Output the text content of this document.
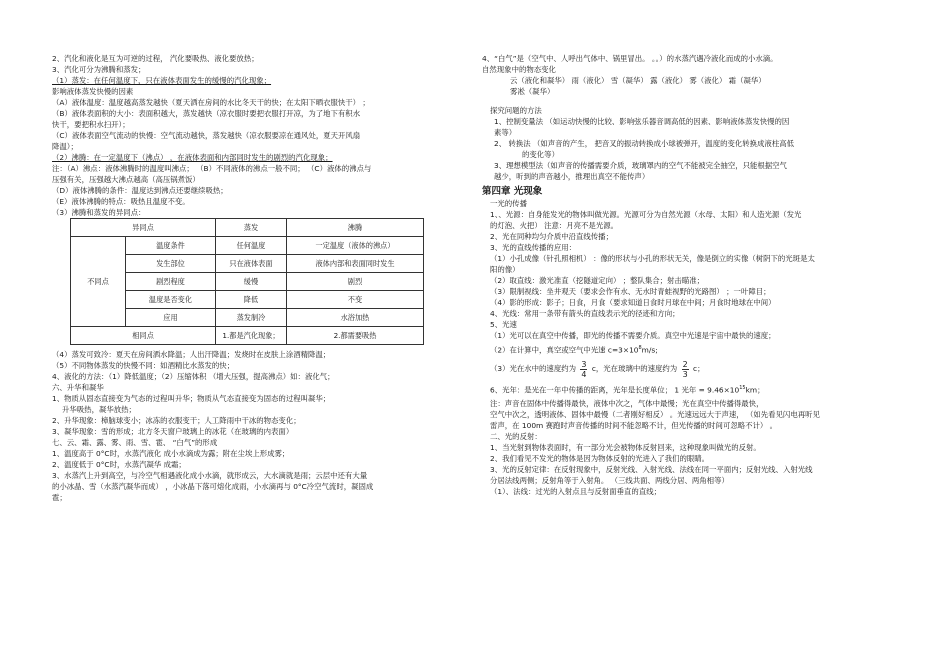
2、汽化和液化是互为可逆的过程， 汽化要吸热、液化要放热；

3、汽化可分为沸腾和蒸发；

（1）蒸发：在任何温度下，只在液体表面发生的缓慢的汽化现象；

影响液体蒸发快慢的因素

（A）液体温度：温度越高蒸发越快（夏天洒在房间的水比冬天干的快；在太阳下晒衣服快干） ；

（B）液体表面积的大小：表面积越大，蒸发越快（凉衣服时要把衣服打开凉，为了地下有积水

快干，要把积水扫开）；

（C）液体表面空气流动的快慢：空气流动越快，蒸发越快（凉衣服要凉在通风处，夏天开风扇

降温）；

（2）沸腾：在一定温度下（沸点） ，在液体表面和内部同时发生的剧烈的汽化现象；

注：（A）沸点：液体沸腾时的温度叫沸点； （B）不同液体的沸点一般不同； （C）液体的沸点与

压强有关，压强越大沸点越高（高压锅煮饭）

（D）液体沸腾的条件：温度达到沸点还要继续吸热；

（E）液体沸腾的特点：吸热且温度不变。

（3）沸腾和蒸发的异同点：

异同点		蒸发	沸腾
不同点	温度条件	任何温度	一定温度（液体的沸点）
	发生部位	只在液体表面	液体内部和表面同时发生
	剧烈程度	缓慢	剧烈
	温度是否变化	降低	不变
	应用	蒸发制冷	水浴加热
相同点		1.都是汽化现象；	2.都需要吸热

（4）蒸发可致冷：夏天在房间洒水降温；人出汗降温；发烧时在皮肤上涂酒精降温；

（5）不同物体蒸发的快慢不同：如酒精比水蒸发的快；

4、液化的方法：（1）降低温度；（2）压缩体积 （增大压强，提高沸点）如：液化气；

六、升华和凝华

1、物质从固态直接变为气态的过程叫升华；物质从气态直接变为固态的过程叫凝华；

升华吸热，凝华放热；

2、升华现象：樟脑球变小；冰冻的衣服变干；人工降雨中干冰的物态变化；

3、凝华现象：雪的形成；北方冬天窗户玻璃上的冰花（在玻璃的内表面）

七、云、霜、露、雾、雨、雪、雹、 “白气”的形成

1、温度高于 0°C时，水蒸汽液化 成小水滴成为露；附在尘埃上形成雾；

2、温度低于 0°C时，水蒸汽凝华 成霜；

3、水蒸汽上升到高空，与冷空气相遇液化成小水滴，就形成云，大水滴就是雨；云层中还有大量

的小冰晶、雪（水蒸汽凝华而成） ，小冰晶下落可熔化成雨，小水滴再与 0°C冷空气流时，凝固成

雹；

4、“白气”是（空气中、人呼出气体中、锅里冒出。 。。）的水蒸汽遇冷液化而成的小水滴。

自然现象中的物态变化

云（液化和凝华） 雨（液化） 雪（凝华） 露（液化） 雾（液化） 霜（凝华）

雾凇（凝华）

探究问题的方法

1、控制变量法 （如运动快慢的比较、影响弦乐器音调高低的因素、影响液体蒸发快慢的因

素等）

2、 转换法 （如声音的产生， 把音叉的振动转换成小球被弹开，温度的变化转换成液柱高低

的变化等）

3、理想模型法（如声音的传播需要介质，玻璃罩内的空气不能被完全抽空，只能根据空气

越少，听到的声音越小，推理出真空不能传声）

第四章 光现象

一光的传播

1、、光源：自身能发光的物体叫做光源。光源可分为自然光源（水母、太阳）和人造光源（发光

的灯泡、火把） 注意：月亮不是光源。

2、光在同种均匀介质中沿直线传播；

3、光的直线传播的应用：

（1）小孔成像（针孔照相机） ：像的形状与小孔的形状无关，像是倒立的实像（树阴下的光斑是太

阳的像）

（2）取直线：激光准直（挖隧道定向） ；整队集合；射击瞄准；

（3）限制视线：坐井观天（要求会作有水、无水时青蛙视野的光路图） ；一叶障目；

（4）影的形成：影子；日食，月食（要求知道日食时月球在中间；月食时地球在中间）

4、光线：常用一条带有箭头的直线表示光的径迹和方向；

5、光速

（1）光可以在真空中传播，即光的传播不需要介质。真空中光速是宇宙中最快的速度；

（2）在计算中，真空或空气中光速 $c=3\times 10^8m/s$;

（3）光在水中的速度约为 $\frac{3}{4}$ c，光在玻璃中的速度约为 $\frac{2}{3}$ c；

6、光年：是光在一年中传播的距离，光年是长度单位； 1 光年 = $9.46\times 10^{15}km$；

注：声音在固体中传播得最快，液体中次之，气体中最慢；光在真空中传播得最快，

空气中次之，透明液体、固体中最慢（二者刚好相反） 。光速远远大于声速， （如先看见闪电再听见

雷声，在 100m 赛跑时声音传播的时间不能忽略不计，但光传播的时间可忽略不计） 。

二、光的反射：

1、当光射到物体表面时，有一部分光会被物体反射回来，这种现象叫做光的反射。

2、我们看见不发光的物体是因为物体反射的光进入了我们的眼睛。

3、光的反射定律：在反射现象中，反射光线、入射光线、法线在同一平面内；反射光线、入射光线

分居法线两侧；反射角等于入射角。 （三线共面、两线分居、两角相等）

（1）、法线：过光的入射点且与反射面垂直的直线；
